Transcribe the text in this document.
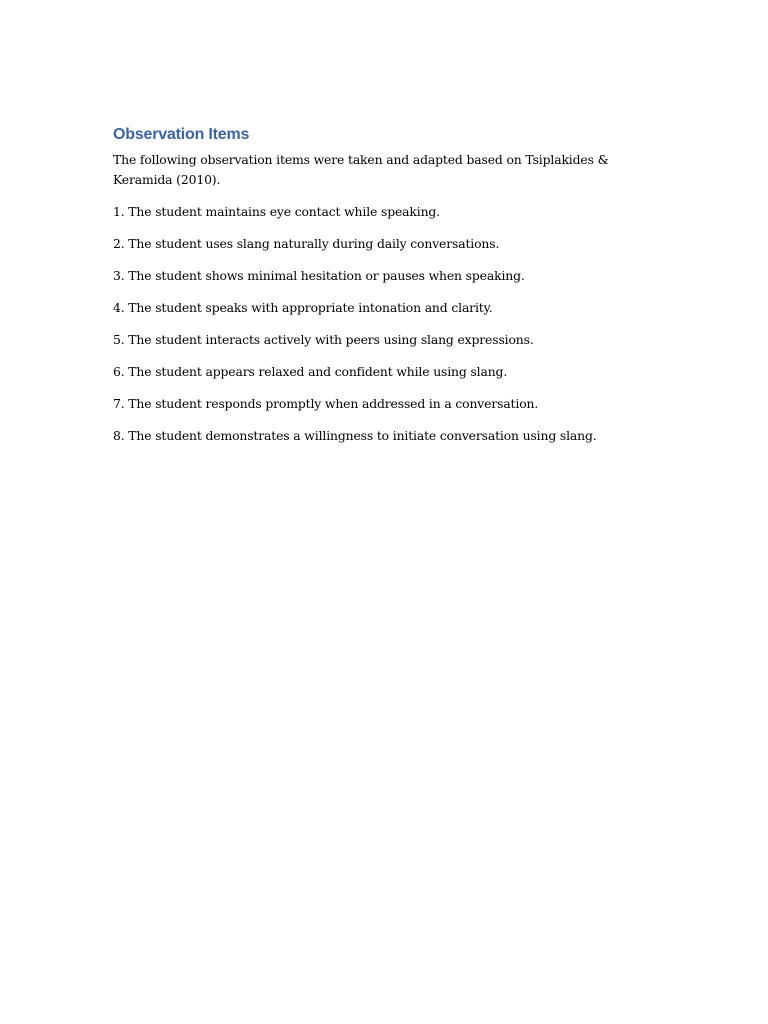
Observation Items

The following observation items were taken and adapted based on Tsiplakides & Keramida (2010).

1. The student maintains eye contact while speaking.
2. The student uses slang naturally during daily conversations.
3. The student shows minimal hesitation or pauses when speaking.
4. The student speaks with appropriate intonation and clarity.
5. The student interacts actively with peers using slang expressions.
6. The student appears relaxed and confident while using slang.
7. The student responds promptly when addressed in a conversation.
8. The student demonstrates a willingness to initiate conversation using slang.
